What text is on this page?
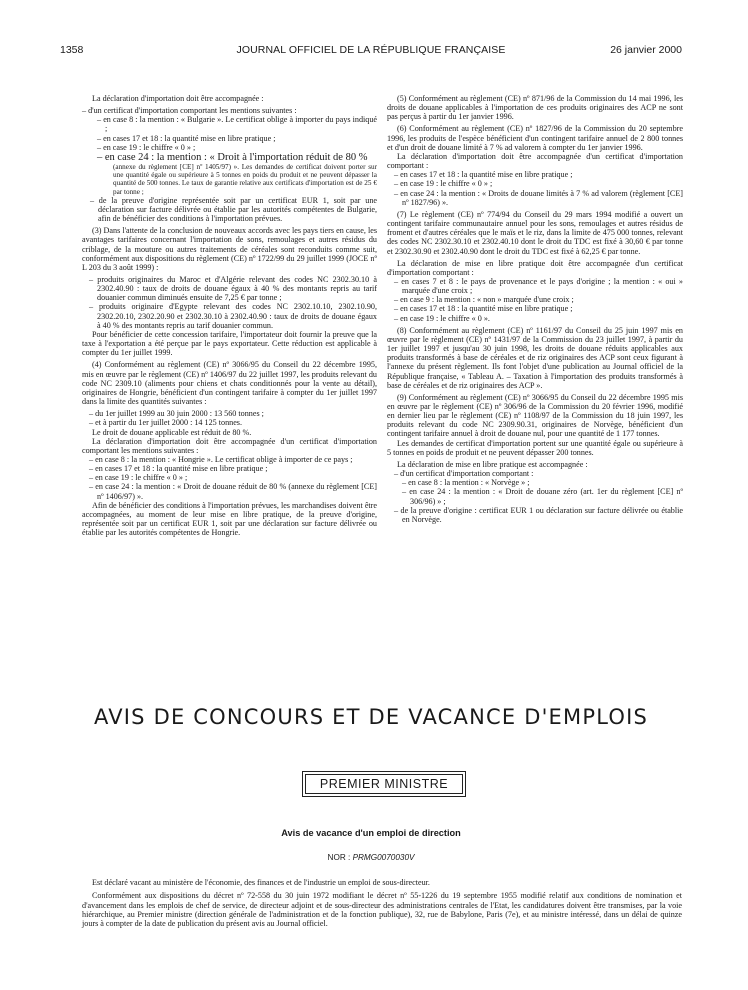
1358	JOURNAL OFFICIEL DE LA RÉPUBLIQUE FRANÇAISE	26 janvier 2000

La déclaration d'importation doit être accompagnée :

– d'un certificat d'importation comportant les mentions suivantes :

– en case 8 : la mention : « Bulgarie ». Le certificat oblige à importer du pays indiqué ;

– en cases 17 et 18 : la quantité mise en libre pratique ;

– en case 19 : le chiffre « 0 » ;

– en case 24 : la mention : « Droit à l'importation réduit de 80 %

(annexe du règlement [CE] nº 1405/97) ». Les demandes de certificat doivent porter sur une quantité égale ou supérieure à 5 tonnes en poids du produit et ne peuvent dépasser la quantité de 500 tonnes. Le taux de garantie relative aux certificats d'importation est de 25 € par tonne ;

– de la preuve d'origine représentée soit par un certificat EUR 1, soit par une déclaration sur facture délivrée ou établie par les autorités compétentes de Bulgarie, afin de bénéficier des conditions à l'importation prévues.

(3) Dans l'attente de la conclusion de nouveaux accords avec les pays tiers en cause, les avantages tarifaires concernant l'importation de sons, remoulages et autres résidus du criblage, de la mouture ou autres traitements de céréales sont reconduits comme suit, conformément aux dispositions du règlement (CE) nº 1722/99 du 29 juillet 1999 (JOCE nº L 203 du 3 août 1999) :

– produits originaires du Maroc et d'Algérie relevant des codes NC 2302.30.10 à 2302.40.90 : taux de droits de douane égaux à 40 % des montants repris au tarif douanier commun diminués ensuite de 7,25 € par tonne ;

– produits originaire d'Egypte relevant des codes NC 2302.10.10, 2302.10.90, 2302.20.10, 2302.20.90 et 2302.30.10 à 2302.40.90 : taux de droits de douane égaux à 40 % des montants repris au tarif douanier commun.

Pour bénéficier de cette concession tarifaire, l'importateur doit fournir la preuve que la taxe à l'exportation a été perçue par le pays exportateur. Cette réduction est applicable à compter du 1er juillet 1999.

(4) Conformément au règlement (CE) nº 3066/95 du Conseil du 22 décembre 1995, mis en œuvre par le règlement (CE) nº 1406/97 du 22 juillet 1997, les produits relevant du code NC 2309.10 (aliments pour chiens et chats conditionnés pour la vente au détail), originaires de Hongrie, bénéficient d'un contingent tarifaire à compter du 1er juillet 1997 dans la limite des quantités suivantes :

– du 1er juillet 1999 au 30 juin 2000 : 13 560 tonnes ;

– et à partir du 1er juillet 2000 : 14 125 tonnes.

Le droit de douane applicable est réduit de 80 %.

La déclaration d'importation doit être accompagnée d'un certificat d'importation comportant les mentions suivantes :

– en case 8 : la mention : « Hongrie ». Le certificat oblige à importer de ce pays ;

– en cases 17 et 18 : la quantité mise en libre pratique ;

– en case 19 : le chiffre « 0 » ;

– en case 24 : la mention : « Droit de douane réduit de 80 % (annexe du règlement [CE] nº 1406/97) ».

Afin de bénéficier des conditions à l'importation prévues, les marchandises doivent être accompagnées, au moment de leur mise en libre pratique, de la preuve d'origine, représentée soit par un certificat EUR 1, soit par une déclaration sur facture délivrée ou établie par les autorités compétentes de Hongrie.

(5) Conformément au règlement (CE) nº 871/96 de la Commission du 14 mai 1996, les droits de douane applicables à l'importation de ces produits originaires des ACP ne sont pas perçus à partir du 1er janvier 1996.

(6) Conformément au règlement (CE) nº 1827/96 de la Commission du 20 septembre 1996, les produits de l'espèce bénéficient d'un contingent tarifaire annuel de 2 800 tonnes et d'un droit de douane limité à 7 % ad valorem à compter du 1er janvier 1996.

La déclaration d'importation doit être accompagnée d'un certificat d'importation comportant :

– en cases 17 et 18 : la quantité mise en libre pratique ;

– en case 19 : le chiffre « 0 » ;

– en case 24 : la mention : « Droits de douane limités à 7 % ad valorem (règlement [CE] nº 1827/96) ».

(7) Le règlement (CE) nº 774/94 du Conseil du 29 mars 1994 modifié a ouvert un contingent tarifaire communautaire annuel pour les sons, remoulages et autres résidus de froment et d'autres céréales que le maïs et le riz, dans la limite de 475 000 tonnes, relevant des codes NC 2302.30.10 et 2302.40.10 dont le droit du TDC est fixé à 30,60 € par tonne et 2302.30.90 et 2302.40.90 dont le droit du TDC est fixé à 62,25 € par tonne.

La déclaration de mise en libre pratique doit être accompagnée d'un certificat d'importation comportant :

– en cases 7 et 8 : le pays de provenance et le pays d'origine ; la mention : « oui » marquée d'une croix ;

– en case 9 : la mention : « non » marquée d'une croix ;

– en cases 17 et 18 : la quantité mise en libre pratique ;

– en case 19 : le chiffre « 0 ».

(8) Conformément au règlement (CE) nº 1161/97 du Conseil du 25 juin 1997 mis en œuvre par le règlement (CE) nº 1431/97 de la Commission du 23 juillet 1997, à partir du 1er juillet 1997 et jusqu'au 30 juin 1998, les droits de douane réduits applicables aux produits transformés à base de céréales et de riz originaires des ACP sont ceux figurant à l'annexe du présent règlement. Ils font l'objet d'une publication au Journal officiel de la République française, « Tableau A. – Taxation à l'importation des produits transformés à base de céréales et de riz originaires des ACP ».

(9) Conformément au règlement (CE) nº 3066/95 du Conseil du 22 décembre 1995 mis en œuvre par le règlement (CE) nº 306/96 de la Commission du 20 février 1996, modifié en dernier lieu par le règlement (CE) nº 1108/97 de la Commission du 18 juin 1997, les produits relevant du code NC 2309.90.31, originaires de Norvège, bénéficient d'un contingent tarifaire annuel à droit de douane nul, pour une quantité de 1 177 tonnes.

Les demandes de certificat d'importation portent sur une quantité égale ou supérieure à 5 tonnes en poids de produit et ne peuvent dépasser 200 tonnes.

La déclaration de mise en libre pratique est accompagnée :

– d'un certificat d'importation comportant :

– en case 8 : la mention : « Norvège » ;

– en case 24 : la mention : « Droit de douane zéro (art. 1er du règlement [CE] nº 306/96) » ;

– de la preuve d'origine : certificat EUR 1 ou déclaration sur facture délivrée ou établie en Norvège.

AVIS DE CONCOURS ET DE VACANCE D'EMPLOIS
PREMIER MINISTRE
Avis de vacance d'un emploi de direction
NOR : PRMG0070030V

Est déclaré vacant au ministère de l'économie, des finances et de l'industrie un emploi de sous-directeur.

Conformément aux dispositions du décret nº 72-558 du 30 juin 1972 modifiant le décret nº 55-1226 du 19 septembre 1955 modifié relatif aux conditions de nomination et d'avancement dans les emplois de chef de service, de directeur adjoint et de sous-directeur des administrations centrales de l'Etat, les candidatures doivent être transmises, par la voie hiérarchique, au Premier ministre (direction générale de l'administration et de la fonction publique), 32, rue de Babylone, Paris (7e), et au ministre intéressé, dans un délai de quinze jours à compter de la date de publication du présent avis au Journal officiel.
